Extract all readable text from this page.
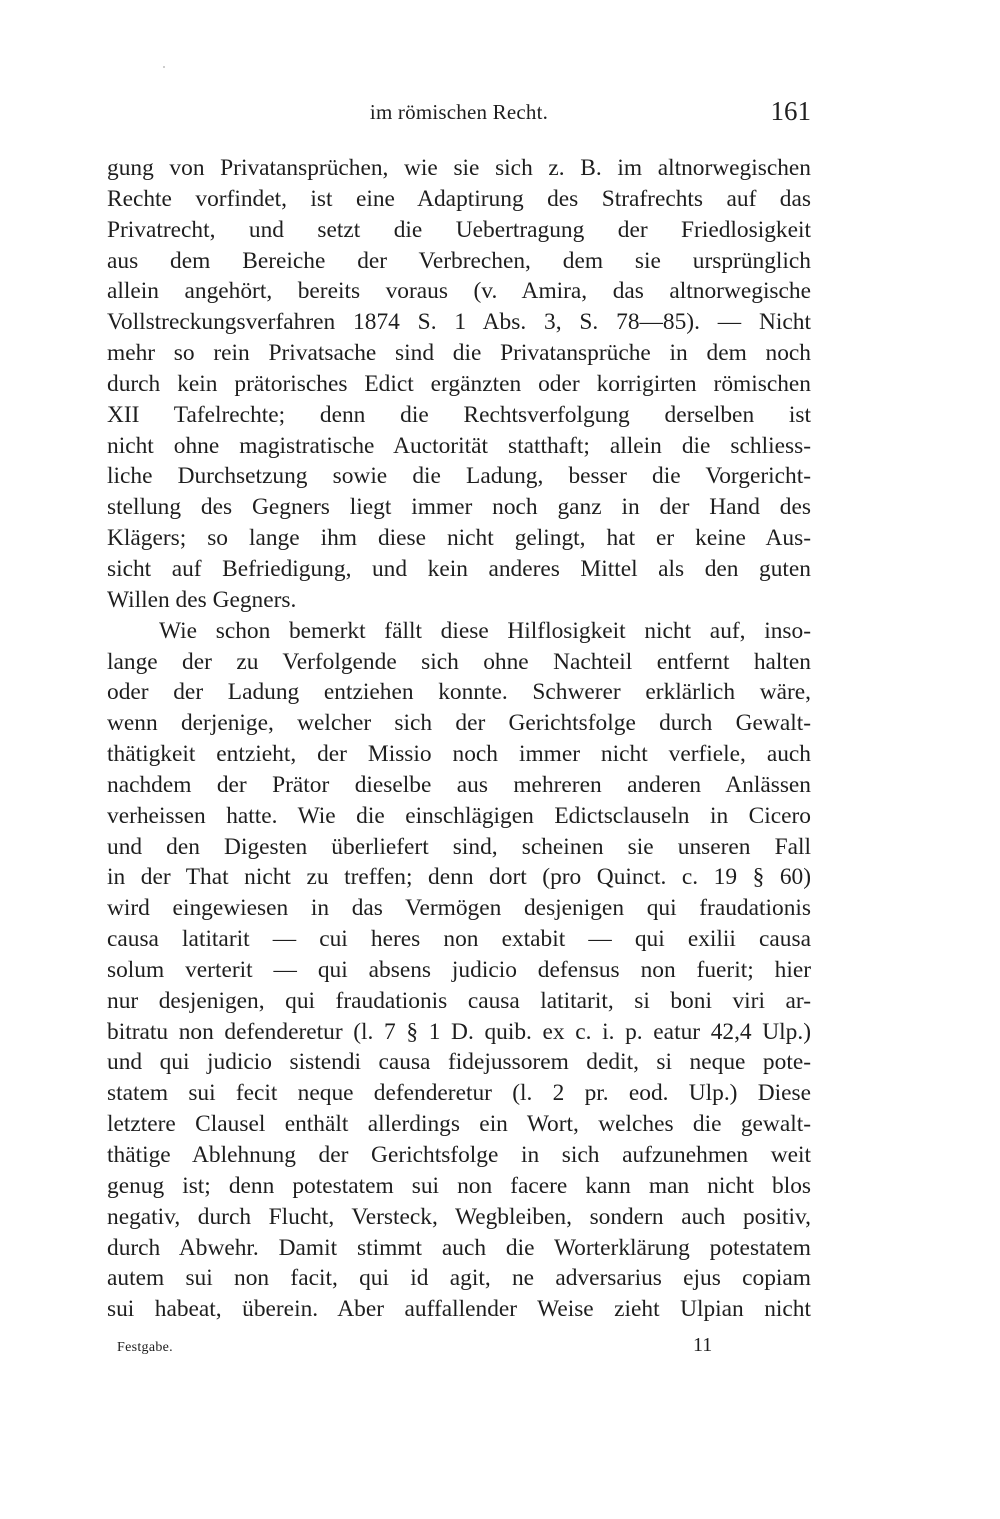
im römischen Recht.	161
gung von Privatansprüchen, wie sie sich z. B. im altnorwegischen
Rechte vorfindet, ist eine Adaptirung des Strafrechts auf das
Privatrecht, und setzt die Uebertragung der Friedlosigkeit
aus dem Bereiche der Verbrechen, dem sie ursprünglich
allein angehört, bereits voraus (v. Amira, das altnorwegische
Vollstreckungsverfahren 1874 S. 1 Abs. 3, S. 78—85). — Nicht
mehr so rein Privatsache sind die Privatansprüche in dem noch
durch kein prätorisches Edict ergänzten oder korrigirten römischen
XII Tafelrechte; denn die Rechtsverfolgung derselben ist
nicht ohne magistratische Auctorität statthaft; allein die schliess-
liche Durchsetzung sowie die Ladung, besser die Vorgericht-
stellung des Gegners liegt immer noch ganz in der Hand des
Klägers; so lange ihm diese nicht gelingt, hat er keine Aus-
sicht auf Befriedigung, und kein anderes Mittel als den guten
Willen des Gegners.
Wie schon bemerkt fällt diese Hilflosigkeit nicht auf, inso-
lange der zu Verfolgende sich ohne Nachteil entfernt halten
oder der Ladung entziehen konnte. Schwerer erklärlich wäre,
wenn derjenige, welcher sich der Gerichtsfolge durch Gewalt-
thätigkeit entzieht, der Missio noch immer nicht verfiele, auch
nachdem der Prätor dieselbe aus mehreren anderen Anlässen
verheissen hatte. Wie die einschlägigen Edictsclauseln in Cicero
und den Digesten überliefert sind, scheinen sie unseren Fall
in der That nicht zu treffen; denn dort (pro Quinct. c. 19 § 60)
wird eingewiesen in das Vermögen desjenigen qui fraudationis
causa latitarit — cui heres non extabit — qui exilii causa
solum verterit — qui absens judicio defensus non fuerit; hier
nur desjenigen, qui fraudationis causa latitarit, si boni viri ar-
bitratu non defenderetur (l. 7 § 1 D. quib. ex c. i. p. eatur 42,4 Ulp.)
und qui judicio sistendi causa fidejussorem dedit, si neque pote-
statem sui fecit neque defenderetur (l. 2 pr. eod. Ulp.) Diese
letztere Clausel enthält allerdings ein Wort, welches die gewalt-
thätige Ablehnung der Gerichtsfolge in sich aufzunehmen weit
genug ist; denn potestatem sui non facere kann man nicht blos
negativ, durch Flucht, Versteck, Wegbleiben, sondern auch positiv,
durch Abwehr. Damit stimmt auch die Worterklärung potestatem
autem sui non facit, qui id agit, ne adversarius ejus copiam
sui habeat, überein. Aber auffallender Weise zieht Ulpian nicht
Festgabe.	11
